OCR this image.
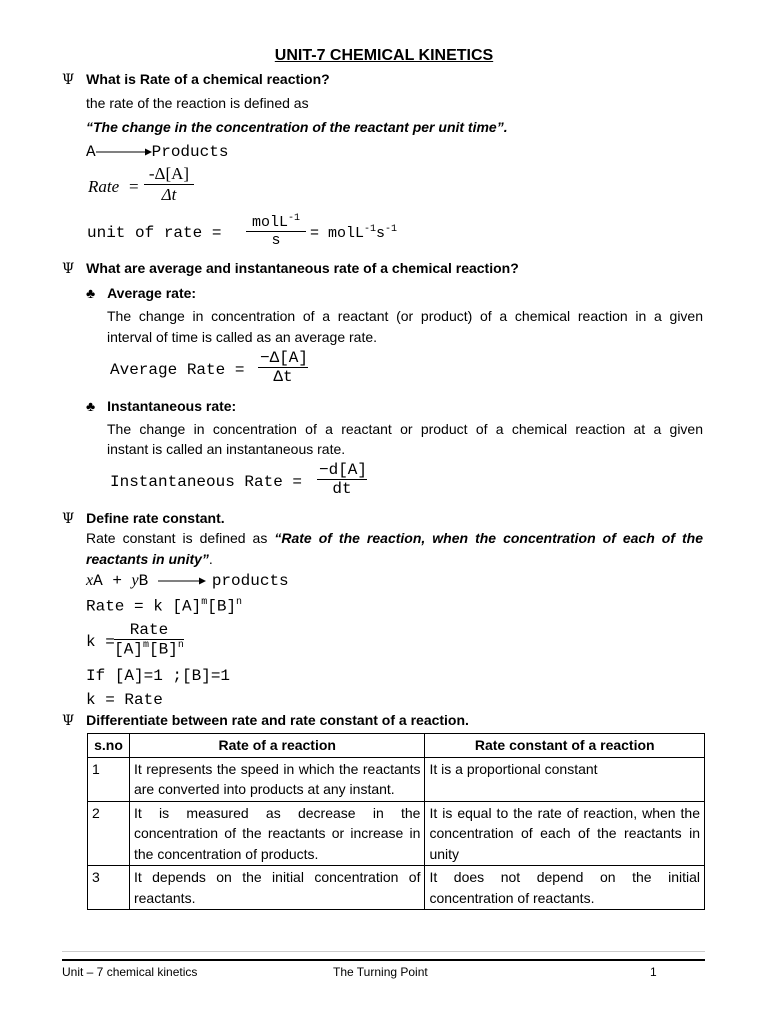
UNIT-7 CHEMICAL KINETICS
Ψ What is Rate of a chemical reaction?
the rate of the reaction is defined as
“The change in the concentration of the reactant per unit time”.
A→Products
Rate =
-Δ[A]
Δt
unit of rate =
molL$^{-1}$
s	= $molL^{-1}s^{-1}$
Ψ What are average and instantaneous rate of a chemical reaction?
♣ Average rate:
The change in concentration of a reactant (or product) of a chemical reaction in a given
interval of time is called as an average rate.
Average Rate =
−Δ[A]
Δt
♣ Instantaneous rate:
The change in concentration of a reactant or product of a chemical reaction at a given
instant is called an instantaneous rate.
Instantaneous Rate =
−d[A]
dt
Ψ Define rate constant.
Rate constant is defined as “Rate of the reaction, when the concentration of each of the
reactants in unity”.
xA + yB → products
Rate = k $[A]^m[B]^n$
k =
Rate
$[A]^m[B]^n$
If [A]=1 ;[B]=1
k = Rate
Ψ Differentiate between rate and rate constant of a reaction.
s.no	Rate of a reaction	Rate constant of a reaction
1	It represents the speed in which the reactants are converted into products at any instant.	It is a proportional constant
2	It is measured as decrease in the concentration of the reactants or increase in the concentration of products.	It is equal to the rate of reaction, when the concentration of each of the reactants in unity
3	It depends on the initial concentration of reactants.	It does not depend on the initial concentration of reactants.
Unit – 7 chemical kinetics	The Turning Point	1
